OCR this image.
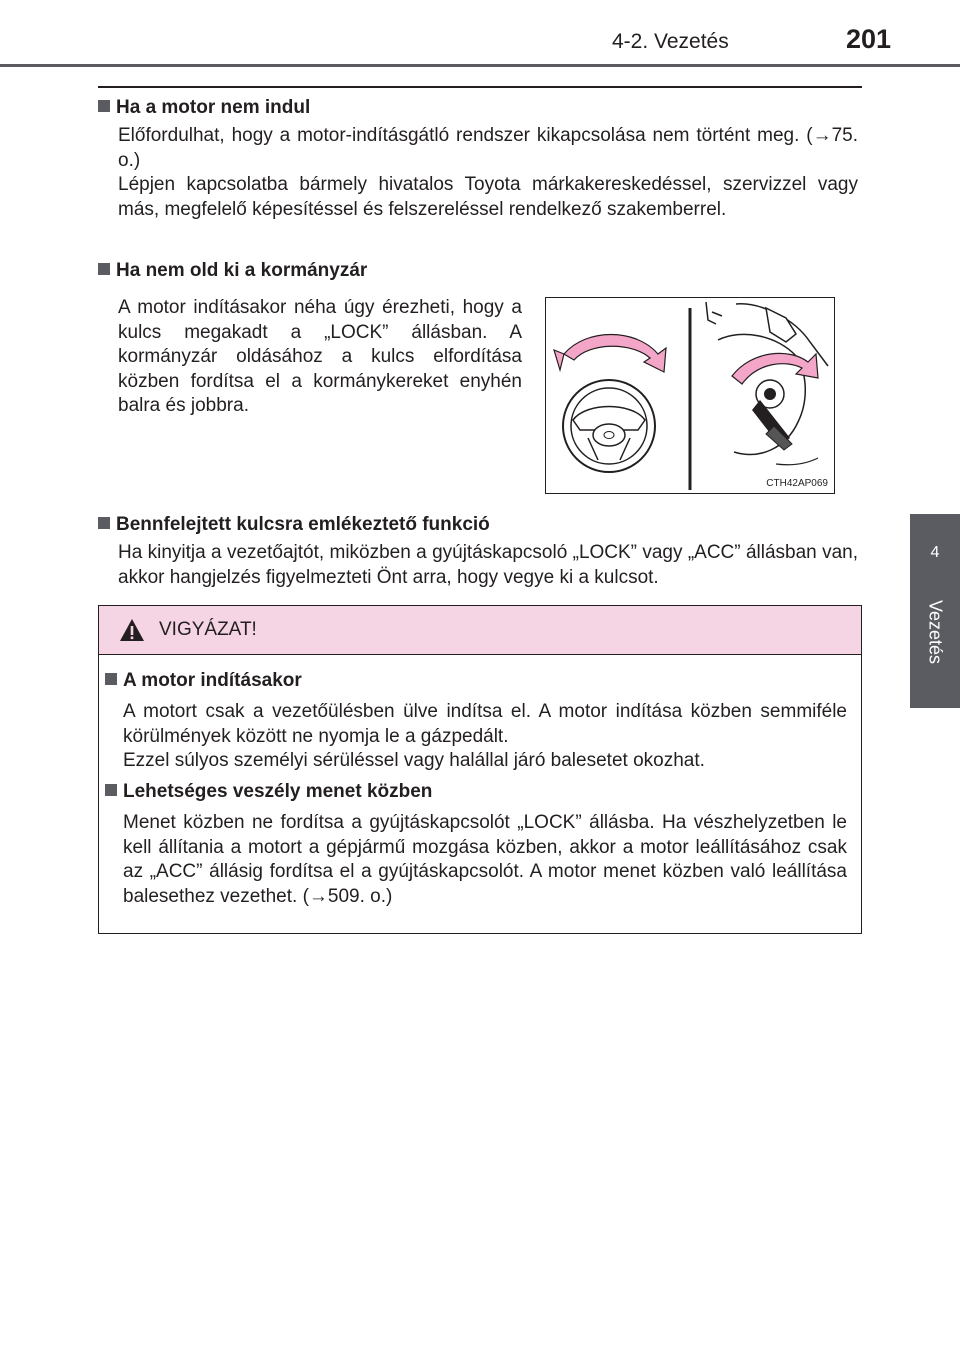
4-2. Vezetés	201
4
Vezetés
Ha a motor nem indul

Előfordulhat, hogy a motor-indításgátló rendszer kikapcsolása nem történt meg. (→75. o.)

Lépjen kapcsolatba bármely hivatalos Toyota márkakereskedéssel, szervizzel vagy más, megfelelő képesítéssel és felszereléssel rendelkező szakemberrel.

Ha nem old ki a kormányzár

A motor indításakor néha úgy érezheti, hogy a kulcs megakadt a „LOCK” állásban. A kormányzár oldásához a kulcs elfordítása közben fordítsa el a kormánykereket enyhén balra és jobbra.

CTH42AP069
Bennfelejtett kulcsra emlékeztető funkció

Ha kinyitja a vezetőajtót, miközben a gyújtáskapcsoló „LOCK” vagy „ACC” állásban van, akkor hangjelzés figyelmezteti Önt arra, hogy vegye ki a kulcsot.

VIGYÁZAT!
A motor indításakor

A motort csak a vezetőülésben ülve indítsa el. A motor indítása közben semmiféle körülmények között ne nyomja le a gázpedált.

Ezzel súlyos személyi sérüléssel vagy halállal járó balesetet okozhat.

Lehetséges veszély menet közben

Menet közben ne fordítsa a gyújtáskapcsolót „LOCK” állásba. Ha vészhelyzetben le kell állítania a motort a gépjármű mozgása közben, akkor a motor leállításához csak az „ACC” állásig fordítsa el a gyújtáskapcsolót. A motor menet közben való leállítása balesethez vezethet. (→509. o.)
